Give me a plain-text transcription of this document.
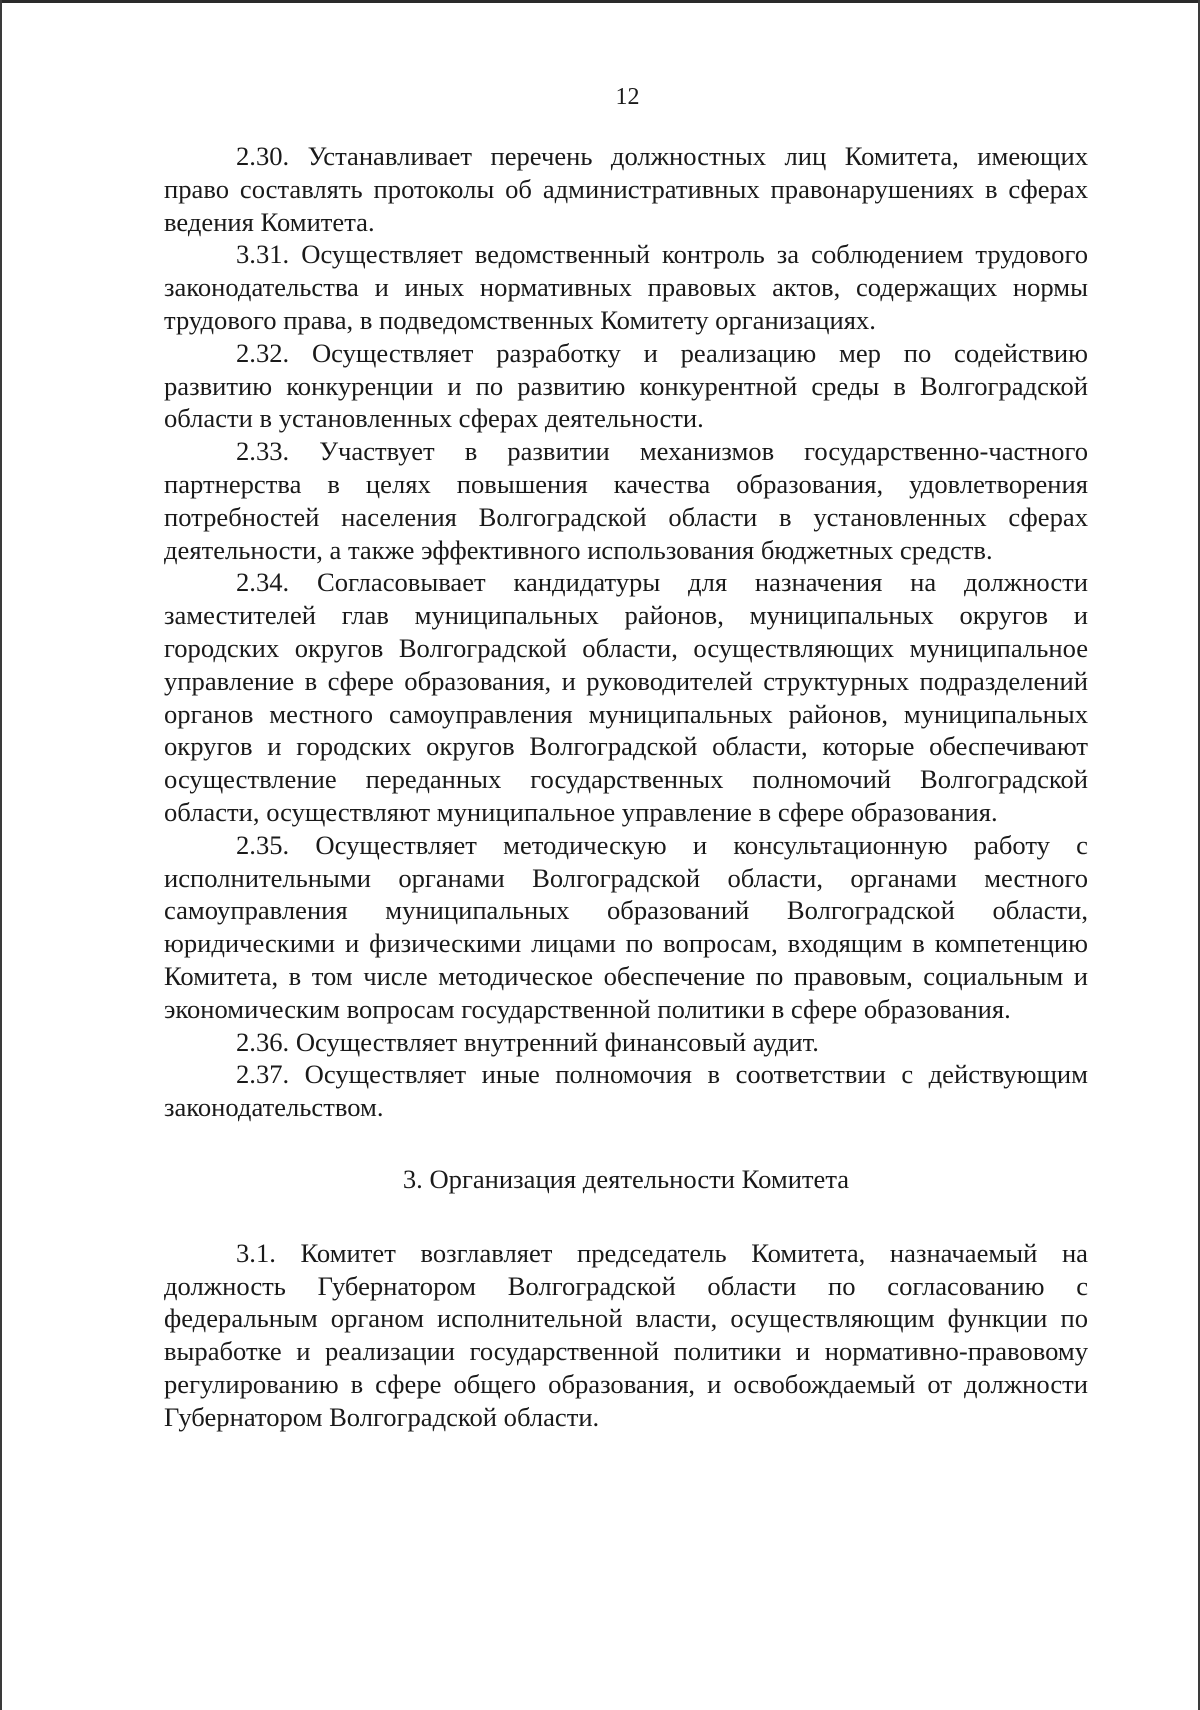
12

2.30. Устанавливает перечень должностных лиц Комитета, имеющих право составлять протоколы об административных правонарушениях в сферах ведения Комитета.

3.31. Осуществляет ведомственный контроль за соблюдением трудового законодательства и иных нормативных правовых актов, содержащих нормы трудового права, в подведомственных Комитету организациях.

2.32. Осуществляет разработку и реализацию мер по содействию развитию конкуренции и по развитию конкурентной среды в Волгоградской области в установленных сферах деятельности.

2.33. Участвует в развитии механизмов государственно-частного партнерства в целях повышения качества образования, удовлетворения потребностей населения Волгоградской области в установленных сферах деятельности, а также эффективного использования бюджетных средств.

2.34. Согласовывает кандидатуры для назначения на должности заместителей глав муниципальных районов, муниципальных округов и городских округов Волгоградской области, осуществляющих муниципальное управление в сфере образования, и руководителей структурных подразделений органов местного самоуправления муниципальных районов, муниципальных округов и городских округов Волгоградской области, которые обеспечивают осуществление переданных государственных полномочий Волгоградской области, осуществляют муниципальное управление в сфере образования.

2.35. Осуществляет методическую и консультационную работу с исполнительными органами Волгоградской области, органами местного самоуправления муниципальных образований Волгоградской области, юридическими и физическими лицами по вопросам, входящим в компетенцию Комитета, в том числе методическое обеспечение по правовым, социальным и экономическим вопросам государственной политики в сфере образования.

2.36. Осуществляет внутренний финансовый аудит.

2.37. Осуществляет иные полномочия в соответствии с действующим законодательством.

3. Организация деятельности Комитета

3.1. Комитет возглавляет председатель Комитета, назначаемый на должность Губернатором Волгоградской области по согласованию с федеральным органом исполнительной власти, осуществляющим функции по выработке и реализации государственной политики и нормативно-правовому регулированию в сфере общего образования, и освобождаемый от должности Губернатором Волгоградской области.
